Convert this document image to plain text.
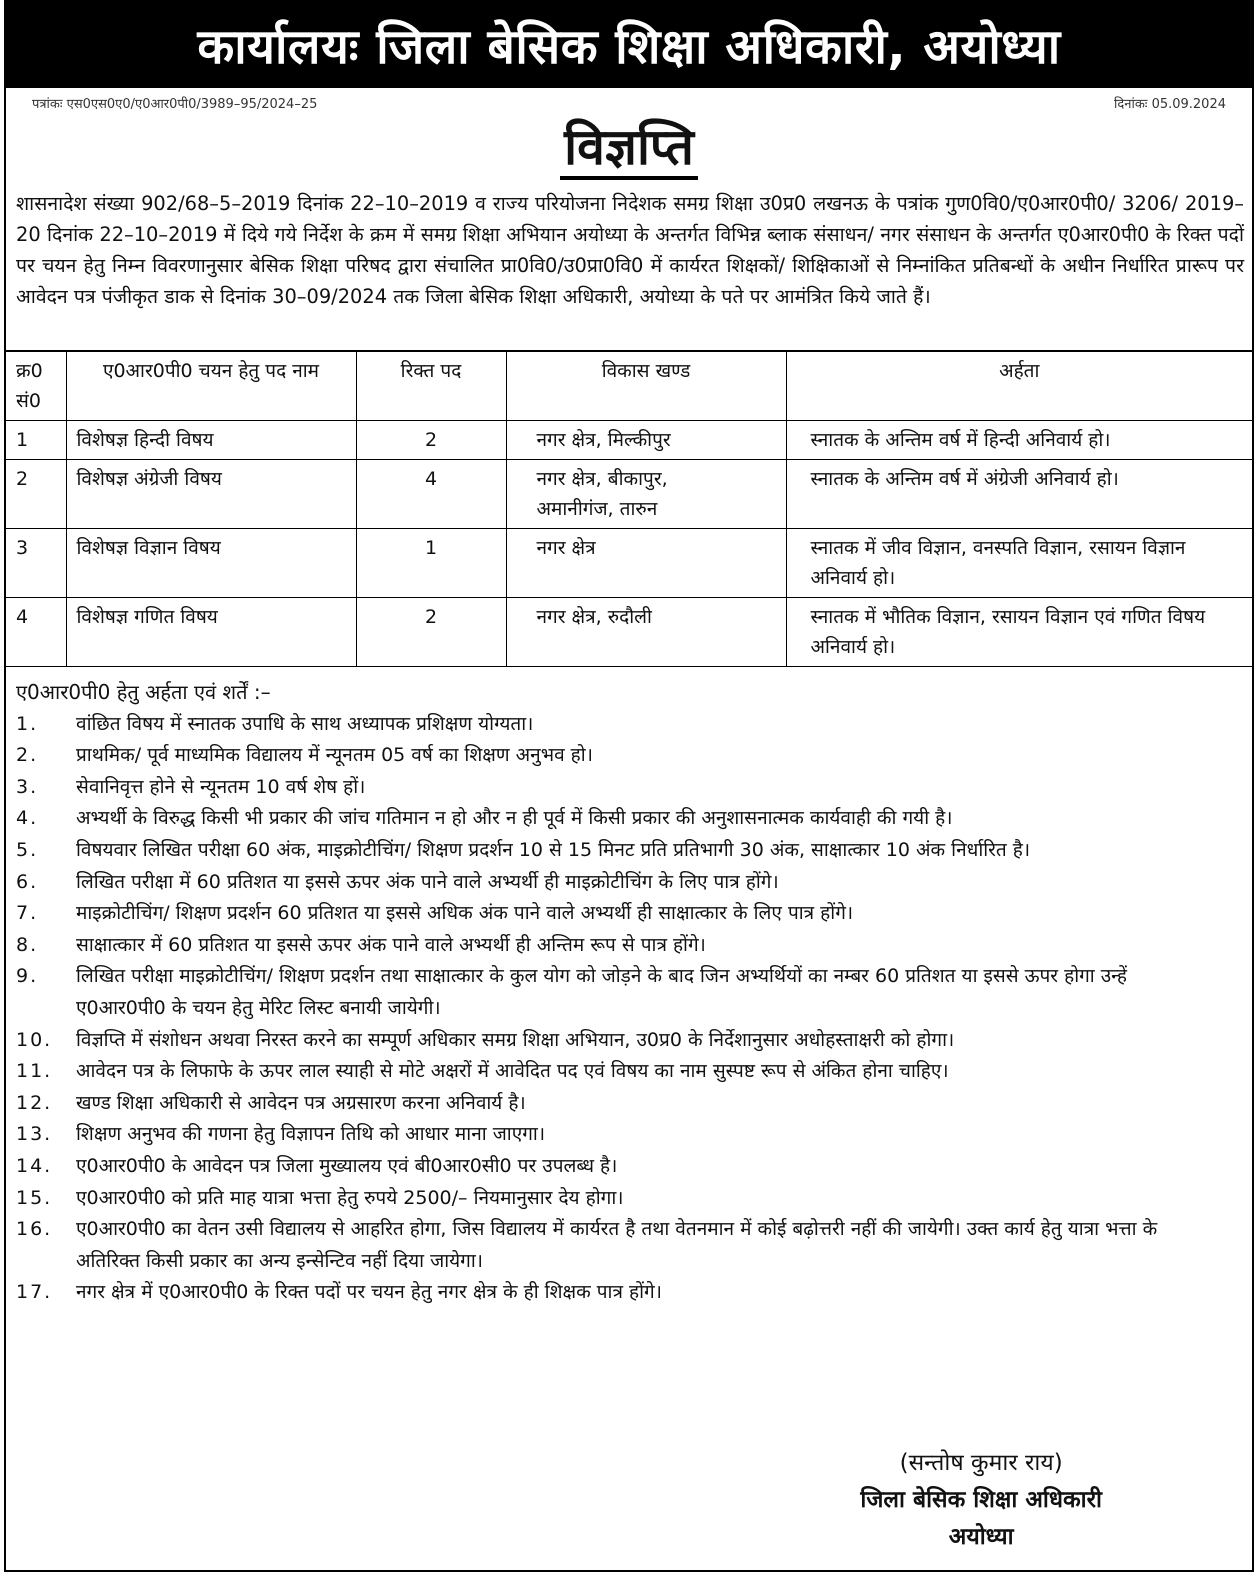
कार्यालयः जिला बेसिक शिक्षा अधिकारी, अयोध्या
पत्रांकः एस0एस0ए0/ए0आर0पी0/3989–95/2024–25	दिनांकः 05.09.2024
विज्ञप्ति
शासनादेश संख्या 902/68–5–2019 दिनांक 22–10–2019 व राज्य परियोजना निदेशक समग्र शिक्षा उ0प्र0 लखनऊ के पत्रांक गुण0वि0/ए0आर0पी0/ 3206/ 2019–20 दिनांक 22–10–2019 में दिये गये निर्देश के क्रम में समग्र शिक्षा अभियान अयोध्या के अन्तर्गत विभिन्न ब्लाक संसाधन/ नगर संसाधन के अन्तर्गत ए0आर0पी0 के रिक्त पदों पर चयन हेतु निम्न विवरणानुसार बेसिक शिक्षा परिषद द्वारा संचालित प्रा0वि0/उ0प्रा0वि0 में कार्यरत शिक्षकों/ शिक्षिकाओं से निम्नांकित प्रतिबन्धों के अधीन निर्धारित प्रारूप पर आवेदन पत्र पंजीकृत डाक से दिनांक 30–09/2024 तक जिला बेसिक शिक्षा अधिकारी, अयोध्या के पते पर आमंत्रित किये जाते हैं।
क्र0 सं0	ए0आर0पी0 चयन हेतु पद नाम	रिक्त पद	विकास खण्ड	अर्हता
1	विशेषज्ञ हिन्दी विषय	2	नगर क्षेत्र, मिल्कीपुर	स्नातक के अन्तिम वर्ष में हिन्दी अनिवार्य हो।
2	विशेषज्ञ अंग्रेजी विषय	4	नगर क्षेत्र, बीकापुर, अमानीगंज, तारुन	स्नातक के अन्तिम वर्ष में अंग्रेजी अनिवार्य हो।
3	विशेषज्ञ विज्ञान विषय	1	नगर क्षेत्र	स्नातक में जीव विज्ञान, वनस्पति विज्ञान, रसायन विज्ञान अनिवार्य हो।
4	विशेषज्ञ गणित विषय	2	नगर क्षेत्र, रुदौली	स्नातक में भौतिक विज्ञान, रसायन विज्ञान एवं गणित विषय अनिवार्य हो।
ए0आर0पी0 हेतु अर्हता एवं शर्तें :–
1.	वांछित विषय में स्नातक उपाधि के साथ अध्यापक प्रशिक्षण योग्यता।
2.	प्राथमिक/ पूर्व माध्यमिक विद्यालय में न्यूनतम 05 वर्ष का शिक्षण अनुभव हो।
3.	सेवानिवृत्त होने से न्यूनतम 10 वर्ष शेष हों।
4.	अभ्यर्थी के विरुद्ध किसी भी प्रकार की जांच गतिमान न हो और न ही पूर्व में किसी प्रकार की अनुशासनात्मक कार्यवाही की गयी है।
5.	विषयवार लिखित परीक्षा 60 अंक, माइक्रोटीचिंग/ शिक्षण प्रदर्शन 10 से 15 मिनट प्रति प्रतिभागी 30 अंक, साक्षात्कार 10 अंक निर्धारित है।
6.	लिखित परीक्षा में 60 प्रतिशत या इससे ऊपर अंक पाने वाले अभ्यर्थी ही माइक्रोटीचिंग के लिए पात्र होंगे।
7.	माइक्रोटीचिंग/ शिक्षण प्रदर्शन 60 प्रतिशत या इससे अधिक अंक पाने वाले अभ्यर्थी ही साक्षात्कार के लिए पात्र होंगे।
8.	साक्षात्कार में 60 प्रतिशत या इससे ऊपर अंक पाने वाले अभ्यर्थी ही अन्तिम रूप से पात्र होंगे।
9.	लिखित परीक्षा माइक्रोटीचिंग/ शिक्षण प्रदर्शन तथा साक्षात्कार के कुल योग को जोड़ने के बाद जिन अभ्यर्थियों का नम्बर 60 प्रतिशत या इससे ऊपर होगा उन्हें ए0आर0पी0 के चयन हेतु मेरिट लिस्ट बनायी जायेगी।
10.	विज्ञप्ति में संशोधन अथवा निरस्त करने का सम्पूर्ण अधिकार समग्र शिक्षा अभियान, उ0प्र0 के निर्देशानुसार अधोहस्ताक्षरी को होगा।
11.	आवेदन पत्र के लिफाफे के ऊपर लाल स्याही से मोटे अक्षरों में आवेदित पद एवं विषय का नाम सुस्पष्ट रूप से अंकित होना चाहिए।
12.	खण्ड शिक्षा अधिकारी से आवेदन पत्र अग्रसारण करना अनिवार्य है।
13.	शिक्षण अनुभव की गणना हेतु विज्ञापन तिथि को आधार माना जाएगा।
14.	ए0आर0पी0 के आवेदन पत्र जिला मुख्यालय एवं बी0आर0सी0 पर उपलब्ध है।
15.	ए0आर0पी0 को प्रति माह यात्रा भत्ता हेतु रुपये 2500/– नियमानुसार देय होगा।
16.	ए0आर0पी0 का वेतन उसी विद्यालय से आहरित होगा, जिस विद्यालय में कार्यरत है तथा वेतनमान में कोई बढ़ोत्तरी नहीं की जायेगी। उक्त कार्य हेतु यात्रा भत्ता के अतिरिक्त किसी प्रकार का अन्य इन्सेन्टिव नहीं दिया जायेगा।
17.	नगर क्षेत्र में ए0आर0पी0 के रिक्त पदों पर चयन हेतु नगर क्षेत्र के ही शिक्षक पात्र होंगे।
(सन्तोष कुमार राय)
जिला बेसिक शिक्षा अधिकारी
अयोध्या
